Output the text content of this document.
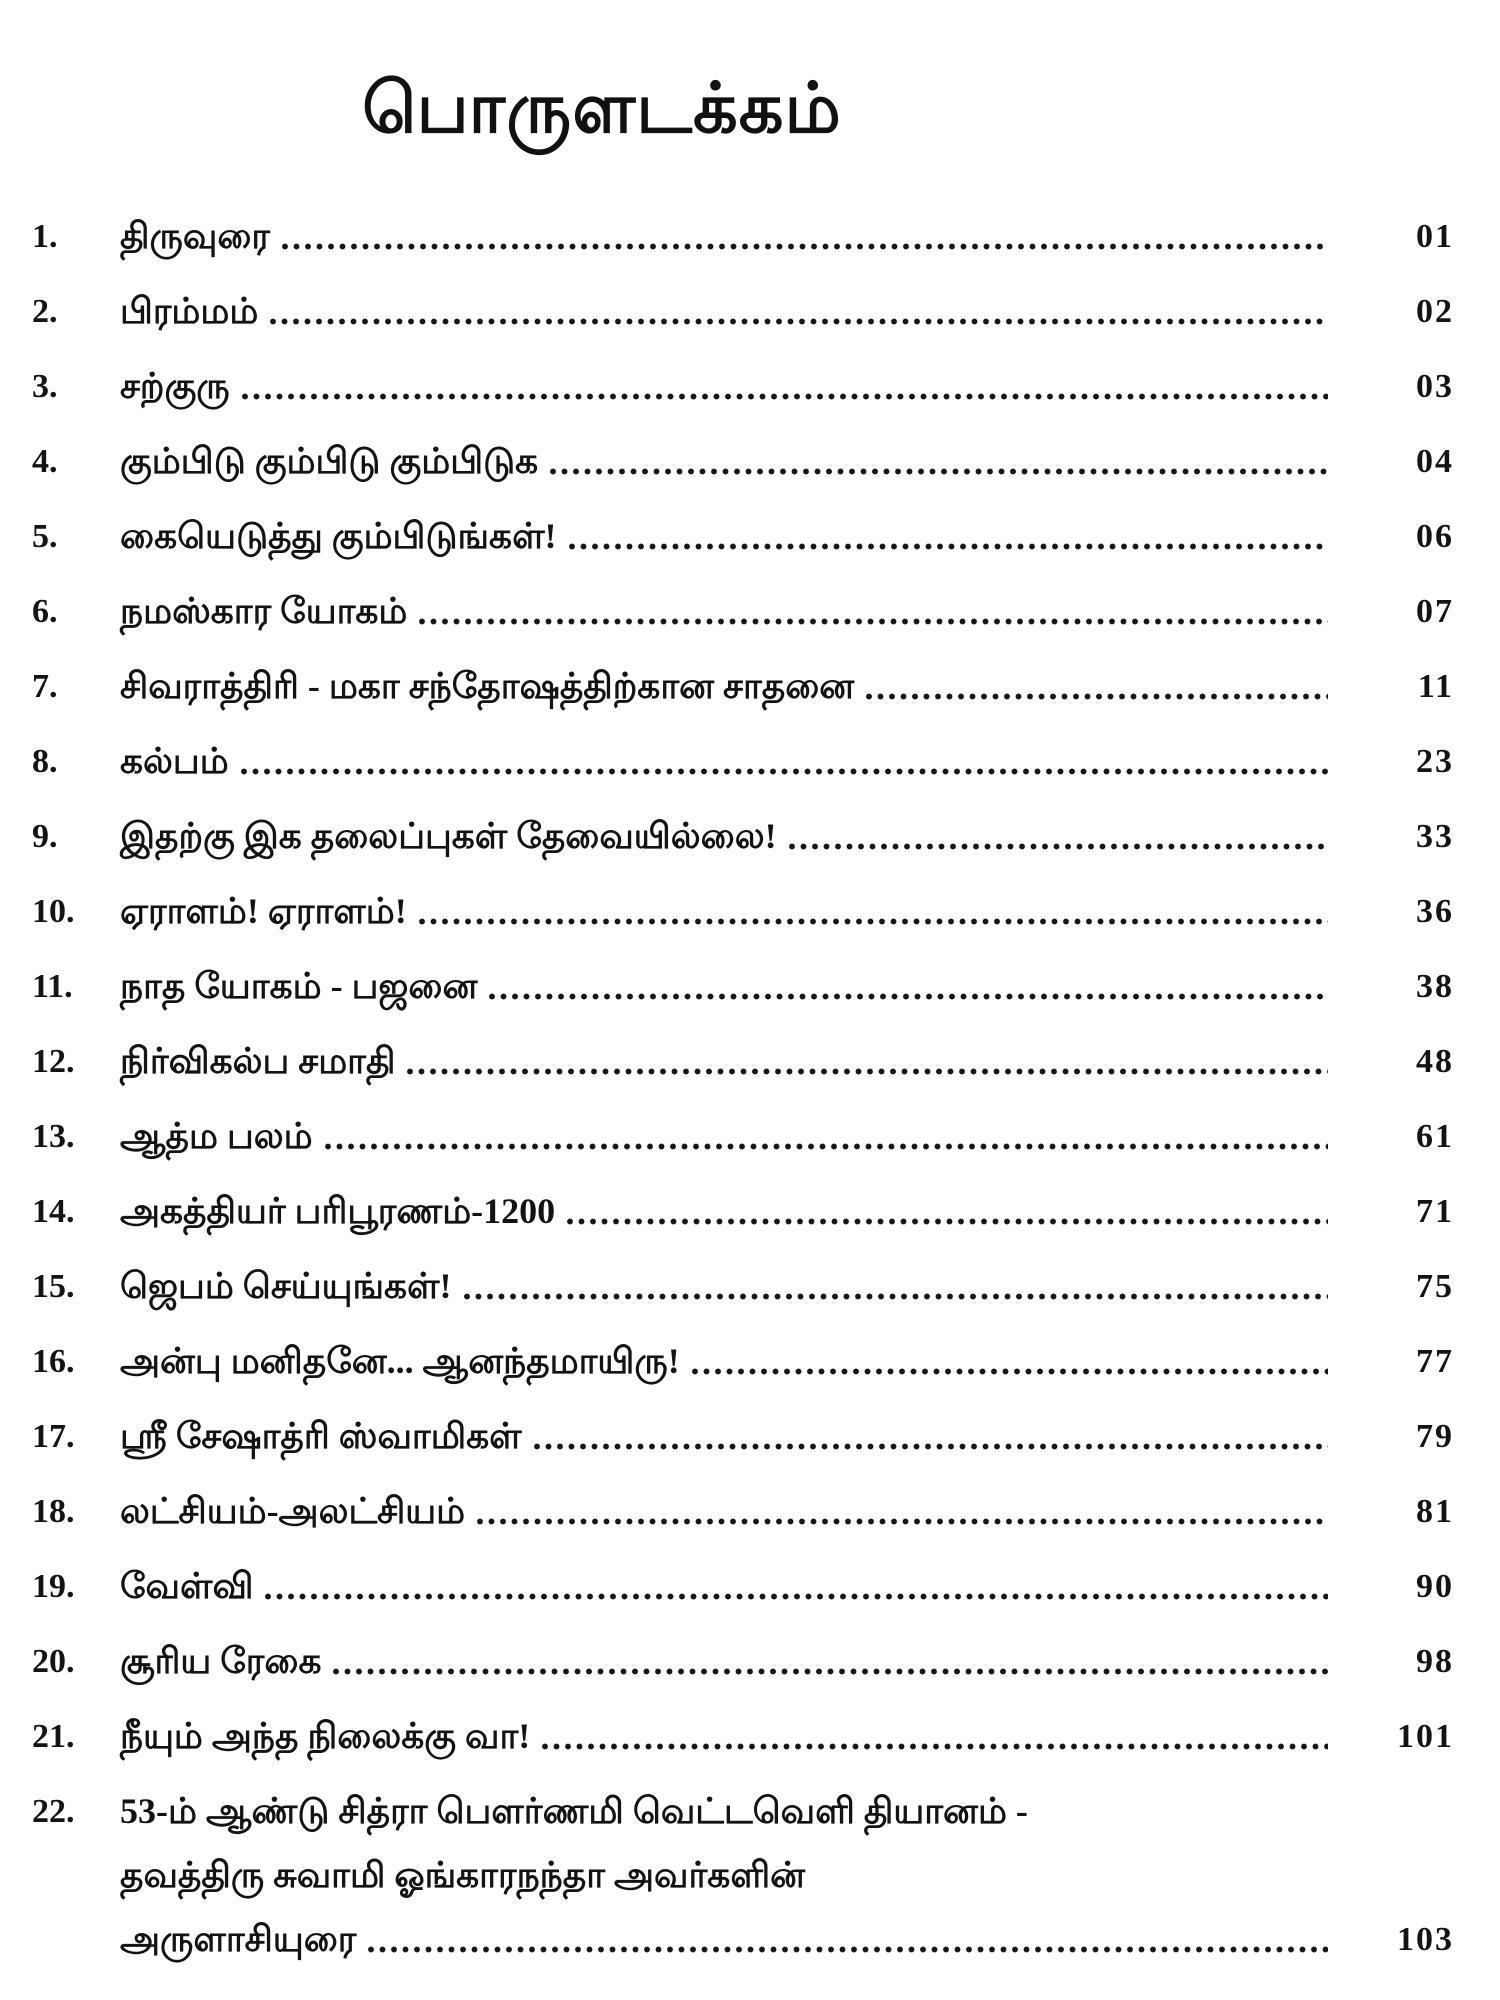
பொருளடக்கம்
1.	திருவுரை	01
2.	பிரம்மம்	02
3.	சற்குரு	03
4.	கும்பிடு கும்பிடு கும்பிடுக	04
5.	கையெடுத்து கும்பிடுங்கள்!	06
6.	நமஸ்கார யோகம்	07
7.	சிவராத்திரி - மகா சந்தோஷத்திற்கான சாதனை	11
8.	கல்பம்	23
9.	இதற்கு இக தலைப்புகள் தேவையில்லை!	33
10.	ஏராளம்! ஏராளம்!	36
11.	நாத யோகம் - பஜனை	38
12.	நிர்விகல்ப சமாதி	48
13.	ஆத்ம பலம்	61
14.	அகத்தியர் பரிபூரணம்-1200	71
15.	ஜெபம் செய்யுங்கள்!	75
16.	அன்பு மனிதனே... ஆனந்தமாயிரு!	77
17.	ஸ்ரீ சேஷாத்ரி ஸ்வாமிகள்	79
18.	லட்சியம்-அலட்சியம்	81
19.	வேள்வி	90
20.	சூரிய ரேகை	98
21.	நீயும் அந்த நிலைக்கு வா!	101
22.	53-ம் ஆண்டு சித்ரா பௌர்ணமி வெட்டவெளி தியானம் -
தவத்திரு சுவாமி ஓங்காரநந்தா அவர்களின்
அருளாசியுரை	103
